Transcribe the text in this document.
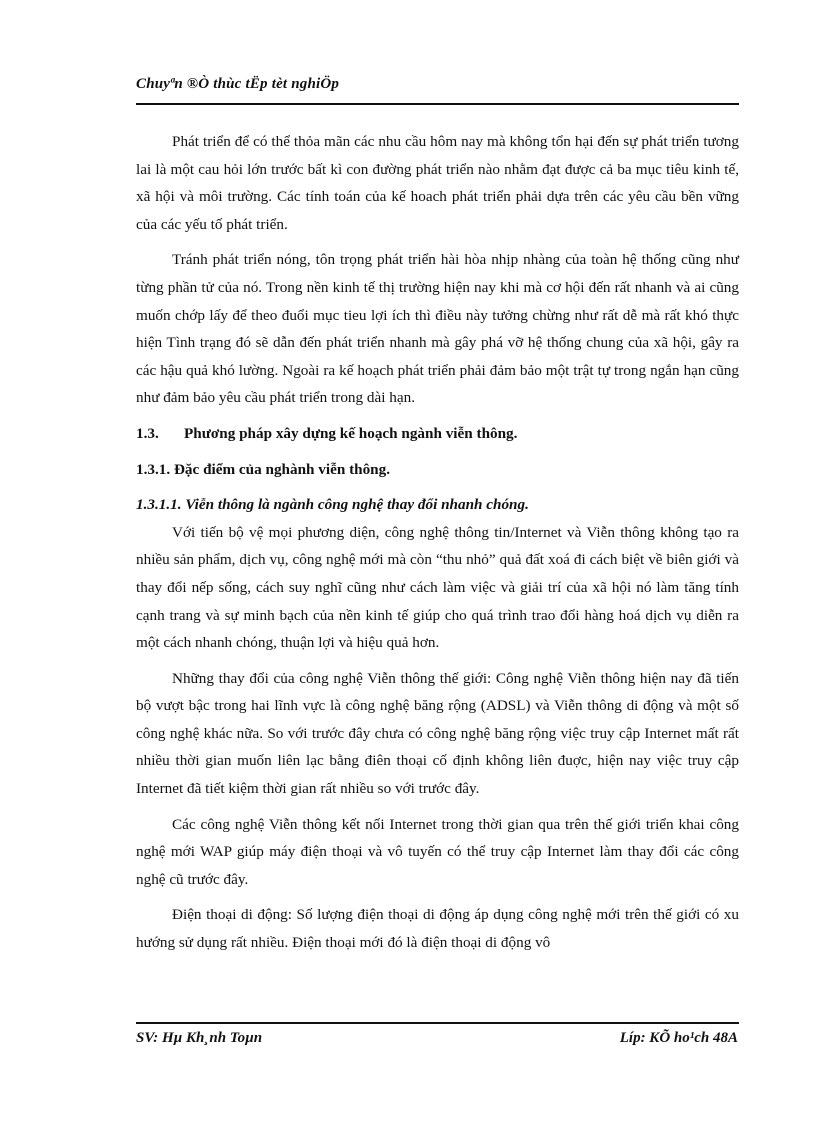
Chuyªn ®Ò thùc tËp tèt nghiÖp

Phát triển để có thể thỏa mãn các nhu cầu hôm nay mà không tổn hại đến sự phát triển tương lai là một cau hỏi lớn trước bất kì con đường phát triển nào nhằm đạt được cả ba mục tiêu kinh tế, xã hội và môi trường. Các tính toán của kế hoach phát triển phải dựa trên các yêu cầu bền vững của các yếu tố phát triển.

Tránh phát triển nóng, tôn trọng phát triển hài hòa nhịp nhàng của toàn hệ thống cũng như từng phần tử của nó. Trong nền kinh tế thị trường hiện nay khi mà cơ hội đến rất nhanh và ai cũng muốn chớp lấy để theo đuổi mục tieu lợi ích thì điều này tưởng chừng như rất dễ mà rất khó thực hiện Tình trạng đó sẽ dẫn đến phát triển nhanh mà gây phá vỡ hệ thống chung của xã hội, gây ra các hậu quả khó lường. Ngoài ra kế hoạch phát triển phải đảm bảo một trật tự trong ngắn hạn cũng như đảm bảo yêu cầu phát triển trong dài hạn.

1.3. Phương pháp xây dựng kế hoạch ngành viễn thông.
1.3.1. Đặc điểm của nghành viễn thông.
1.3.1.1. Viễn thông là ngành công nghệ thay đổi nhanh chóng.

Với tiến bộ vệ mọi phương diện, công nghệ thông tin/Internet và Viễn thông không tạo ra nhiều sản phẩm, dịch vụ, công nghệ mới mà còn “thu nhỏ” quả đất xoá đi cách biệt về biên giới và thay đổi nếp sống, cách suy nghĩ cũng như cách làm việc và giải trí của xã hội nó làm tăng tính cạnh trang và sự minh bạch của nền kinh tế giúp cho quá trình trao đổi hàng hoá dịch vụ diễn ra một cách nhanh chóng, thuận lợi và hiệu quả hơn.

Những thay đổi của công nghệ Viễn thông thế giới: Công nghệ Viễn thông hiện nay đã tiến bộ vượt bậc trong hai lĩnh vực là công nghệ băng rộng (ADSL) và Viễn thông di động và một số công nghệ khác nữa. So với trước đây chưa có công nghệ băng rộng việc truy cập Internet mất rất nhiều thời gian muốn liên lạc bằng điên thoại cố định không liên đuợc, hiện nay việc truy cập Internet đã tiết kiệm thời gian rất nhiều so với trước đây.

Các công nghệ Viễn thông kết nối Internet trong thời gian qua trên thế giới triển khai công nghệ mới WAP giúp máy điện thoại và vô tuyến có thể truy cập Internet làm thay đổi các công nghệ cũ trước đây.

Điện thoại di động: Số lượng điện thoại di động áp dụng công nghệ mới trên thế giới có xu hướng sử dụng rất nhiều. Điện thoại mới đó là điện thoại di động vô

SV: Hµ Kh¸nh Toµn	Líp: KÕ ho¹ch 48A
